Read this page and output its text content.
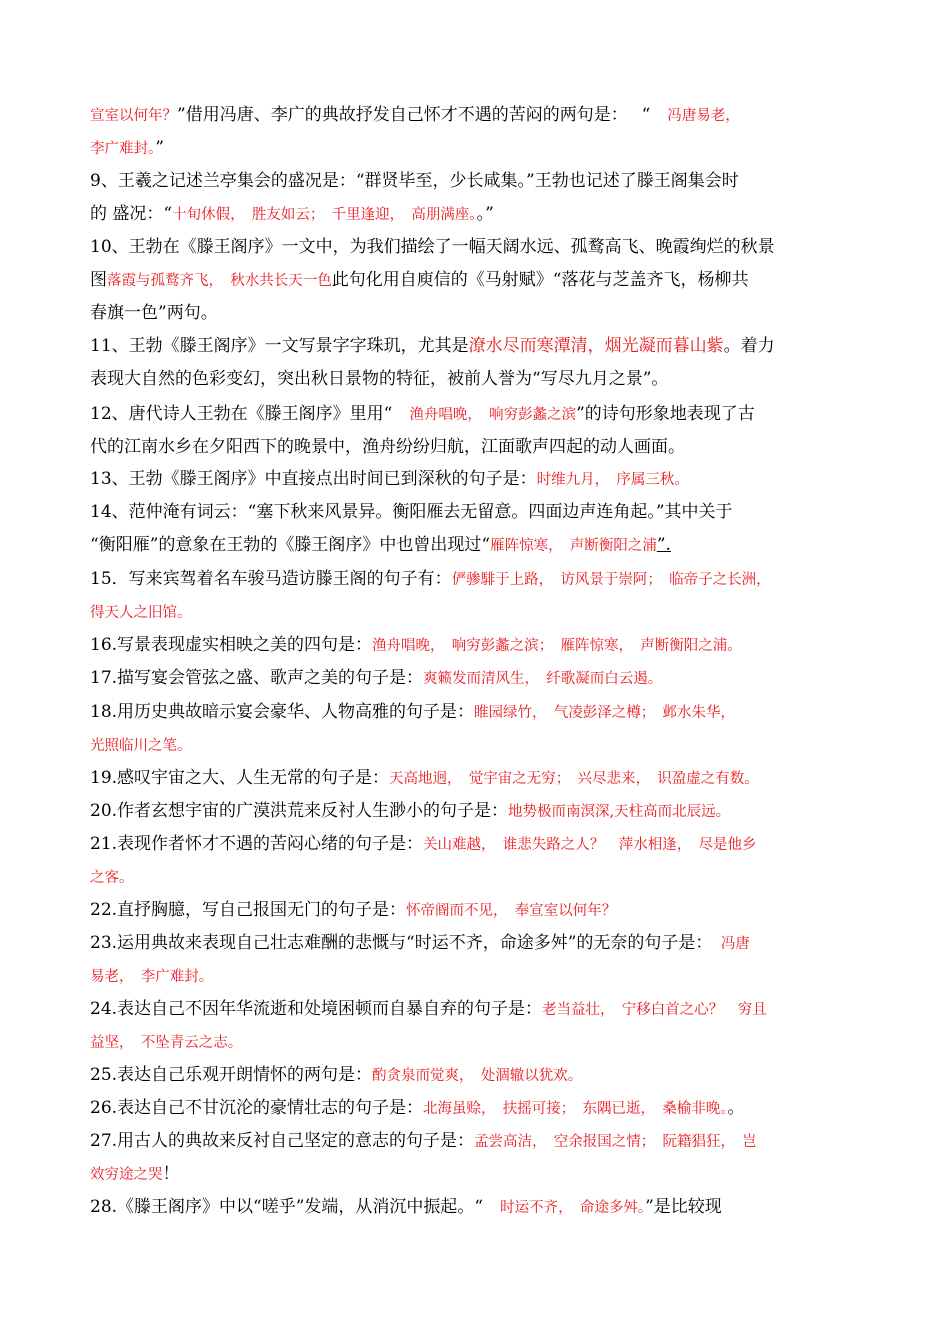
宣室以何年？”借用冯唐、李广的典故抒发自己怀才不遇的苦闷的两句是：　 “　冯唐易老，
李广难封。”
9、王羲之记述兰亭集会的盛况是：“群贤毕至，少长咸集。”王勃也记述了滕王阁集会时
的 盛况：“十旬休假，　胜友如云；　千里逢迎，　高朋满座。。”
10、王勃在《滕王阁序》一文中，为我们描绘了一幅天阔水远、孤鹜高飞、晚霞绚烂的秋景
图落霞与孤鹜齐飞，　秋水共长天一色此句化用自庾信的《马射赋》“落花与芝盖齐飞，杨柳共
春旗一色”两句。
11、王勃《滕王阁序》一文写景字字珠玑，尤其是潦水尽而寒潭清，烟光凝而暮山紫。着力
表现大自然的色彩变幻，突出秋日景物的特征，被前人誉为“写尽九月之景”。
12、唐代诗人王勃在《滕王阁序》里用“　渔舟唱晚，　响穷彭蠡之滨”的诗句形象地表现了古
代的江南水乡在夕阳西下的晚景中，渔舟纷纷归航，江面歌声四起的动人画面。
13、王勃《滕王阁序》中直接点出时间已到深秋的句子是：时维九月，　序属三秋。
14、范仲淹有词云：“塞下秋来风景异。衡阳雁去无留意。四面边声连角起。”其中关于
“衡阳雁”的意象在王勃的《滕王阁序》中也曾出现过“雁阵惊寒，　声断衡阳之浦”.
15．写来宾驾着名车骏马造访滕王阁的句子有：俨骖騑于上路，　访风景于崇阿；　临帝子之长洲，
得天人之旧馆。
16.写景表现虚实相映之美的四句是：渔舟唱晚，　响穷彭蠡之滨；　雁阵惊寒，　声断衡阳之浦。
17.描写宴会管弦之盛、歌声之美的句子是：爽籁发而清风生，　纤歌凝而白云遏。
18.用历史典故暗示宴会豪华、人物高雅的句子是：睢园绿竹，　气凌彭泽之樽；　邺水朱华，
光照临川之笔。
19.感叹宇宙之大、人生无常的句子是：天高地迥，　觉宇宙之无穷；　兴尽悲来，　识盈虚之有数。
20.作者玄想宇宙的广漠洪荒来反衬人生渺小的句子是：地势极而南溟深,天柱高而北辰远。
21.表现作者怀才不遇的苦闷心绪的句子是：关山难越，　谁悲失路之人？　萍水相逢，　尽是他乡
之客。
22.直抒胸臆，写自己报国无门的句子是：怀帝阍而不见，　奉宣室以何年？
23.运用典故来表现自己壮志难酬的悲慨与“时运不齐，命途多舛”的无奈的句子是：　冯唐
易老，　李广难封。
24.表达自己不因年华流逝和处境困顿而自暴自弃的句子是：老当益壮，　宁移白首之心？　穷且
益坚，　不坠青云之志。
25.表达自己乐观开朗情怀的两句是：酌贪泉而觉爽，　处涸辙以犹欢。
26.表达自己不甘沉沦的豪情壮志的句子是：北海虽赊，　扶摇可接；　东隅已逝，　桑榆非晚。。
27.用古人的典故来反衬自己坚定的意志的句子是：孟尝高洁，　空余报国之情；　阮籍猖狂，　岂
效穷途之哭！
28.《滕王阁序》中以“嗟乎”发端，从消沉中振起。“　时运不齐，　命途多舛。”是比较现
